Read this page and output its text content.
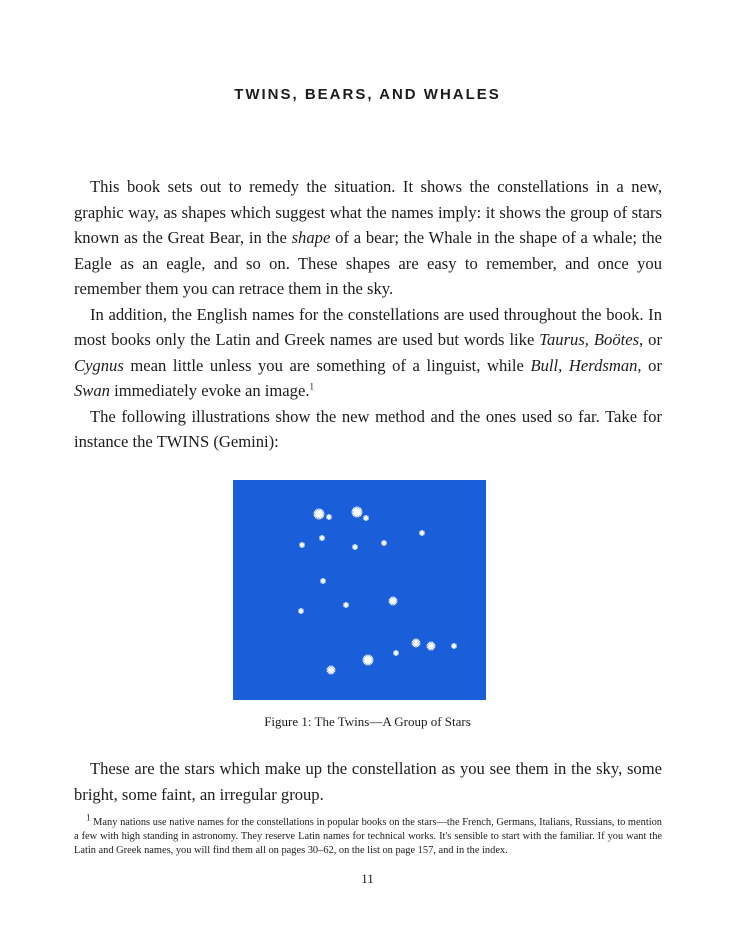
TWINS, BEARS, AND WHALES

This book sets out to remedy the situation. It shows the constellations in a new, graphic way, as shapes which suggest what the names imply: it shows the group of stars known as the Great Bear, in the shape of a bear; the Whale in the shape of a whale; the Eagle as an eagle, and so on. These shapes are easy to remember, and once you remember them you can retrace them in the sky.

In addition, the English names for the constellations are used throughout the book. In most books only the Latin and Greek names are used but words like Taurus, Boötes, or Cygnus mean little unless you are something of a linguist, while Bull, Herdsman, or Swan immediately evoke an image.$^1$

The following illustrations show the new method and the ones used so far. Take for instance the TWINS (Gemini):

Figure 1: The Twins—A Group of Stars

These are the stars which make up the constellation as you see them in the sky, some bright, some faint, an irregular group.

$^1$ Many nations use native names for the constellations in popular books on the stars—the French, Germans, Italians, Russians, to mention a few with high standing in astronomy. They reserve Latin names for technical works. It's sensible to start with the familiar. If you want the Latin and Greek names, you will find them all on pages 30–62, on the list on page 157, and in the index.

11
